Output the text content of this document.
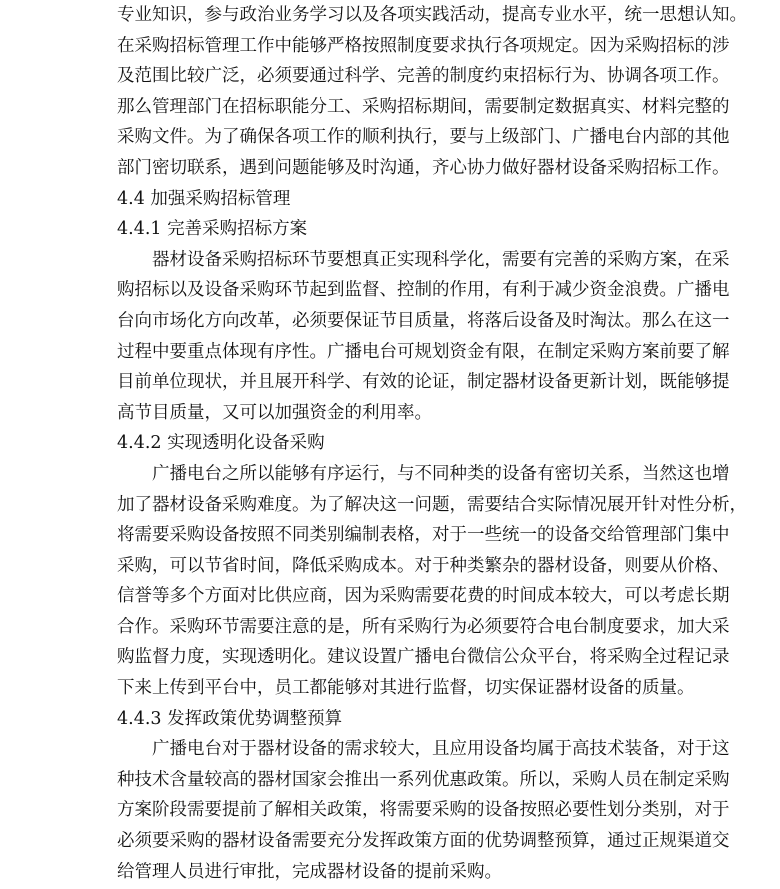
专业知识，参与政治业务学习以及各项实践活动，提高专业水平，统一思想认知。
在采购招标管理工作中能够严格按照制度要求执行各项规定。因为采购招标的涉
及范围比较广泛，必须要通过科学、完善的制度约束招标行为、协调各项工作。
那么管理部门在招标职能分工、采购招标期间，需要制定数据真实、材料完整的
采购文件。为了确保各项工作的顺利执行，要与上级部门、广播电台内部的其他
部门密切联系，遇到问题能够及时沟通，齐心协力做好器材设备采购招标工作。
4.4 加强采购招标管理
4.4.1 完善采购招标方案
器材设备采购招标环节要想真正实现科学化，需要有完善的采购方案，在采
购招标以及设备采购环节起到监督、控制的作用，有利于减少资金浪费。广播电
台向市场化方向改革，必须要保证节目质量，将落后设备及时淘汰。那么在这一
过程中要重点体现有序性。广播电台可规划资金有限，在制定采购方案前要了解
目前单位现状，并且展开科学、有效的论证，制定器材设备更新计划，既能够提
高节目质量，又可以加强资金的利用率。
4.4.2 实现透明化设备采购
广播电台之所以能够有序运行，与不同种类的设备有密切关系，当然这也增
加了器材设备采购难度。为了解决这一问题，需要结合实际情况展开针对性分析，
将需要采购设备按照不同类别编制表格，对于一些统一的设备交给管理部门集中
采购，可以节省时间，降低采购成本。对于种类繁杂的器材设备，则要从价格、
信誉等多个方面对比供应商，因为采购需要花费的时间成本较大，可以考虑长期
合作。采购环节需要注意的是，所有采购行为必须要符合电台制度要求，加大采
购监督力度，实现透明化。建议设置广播电台微信公众平台，将采购全过程记录
下来上传到平台中，员工都能够对其进行监督，切实保证器材设备的质量。
4.4.3 发挥政策优势调整预算
广播电台对于器材设备的需求较大，且应用设备均属于高技术装备，对于这
种技术含量较高的器材国家会推出一系列优惠政策。所以，采购人员在制定采购
方案阶段需要提前了解相关政策，将需要采购的设备按照必要性划分类别，对于
必须要采购的器材设备需要充分发挥政策方面的优势调整预算，通过正规渠道交
给管理人员进行审批，完成器材设备的提前采购。
